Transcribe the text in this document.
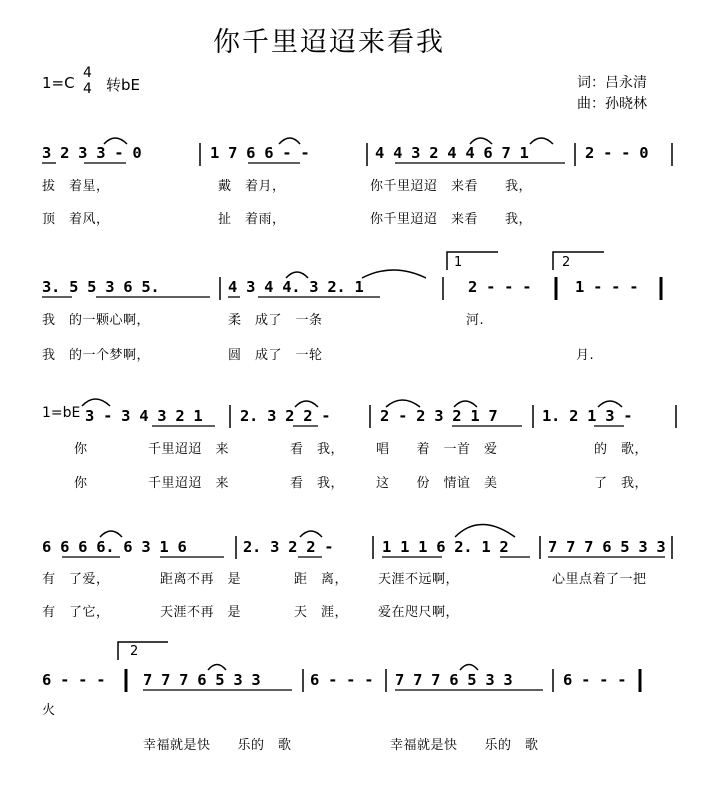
你千里迢迢来看我
1=C
4
4 转bE	词：吕永清
曲：孙晓林
3 2 3 3 - 0	1 7 6 6 - -	4 4 3 2 4 4 6 7 1	2 - - 0
拔　着星，	戴　着月，	你千里迢迢　来看　　我，
顶　着风，	扯　着雨，	你千里迢迢　来看　　我，
1	2
3. 5 5 3 6 5.	4 3 4 4. 3 2. 1	2 - - -	1 - - -
我　的一颗心啊，	柔　成了　一条	河.
我　的一个梦啊，	圆　成了　一轮	月.
1=bE 3 - 3 4 3 2 1 2. 3 2 2 -	2 - 2 3 2 1 7	1. 2 1 3 -
你	千里迢迢　来	看　我， 唱　　着　一首　爱	的　歌，
你	千里迢迢　来	看　我， 这　　份　情谊　美	了　我，
6 6 6 6. 6 3 1 6	2. 3 2 2 -	1 1 1 6 2. 1 2	7 7 7 6 5 3 3
有　了爱，	距离不再　是	距　离， 天涯不远啊，	心里点着了一把
有　了它，	天涯不再　是	天　涯， 爱在咫尺啊，
2
6 - - - 7 7 7 6 5 3 3	6 - - - 7 7 7 6 5 3 3	6 - - -
火
幸福就是快　　乐的　歌	幸福就是快　　乐的　歌
